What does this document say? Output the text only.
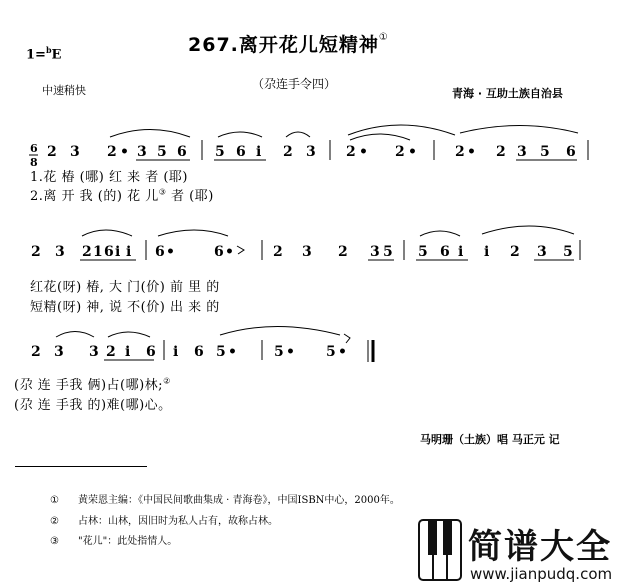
267.离开花儿短精神①
1=$^b$E
中速稍快	（尕连手令四）
青海 · 互助土族自治县
6
8
2 3 2 • 3 5 6 5 6 i 2 3 2 • 2 •	2 • 2 3 5 6
2 3 2 1 6 i i 6 •	6 •	2 3 2 3 5 5 6 i i 2 3 5
2 3 3 2 i 6 i 6 5 •	5 • 5 •
1.花 椿 (哪) 红 来 者 (耶)
2.离 开 我 (的) 花 儿③ 者 (耶)
红花(呀) 椿, 大 门(价) 前 里 的
短精(呀) 神, 说 不(价) 出 来 的
(尕 连 手我 俩)占(哪)林;②
(尕 连 手我 的)难(哪)心。
马明珊（土族）唱 马正元 记
① 黄荣恩主编：《中国民间歌曲集成 · 青海卷》，中国ISBN中心，2000年。
② 占林：山林，因旧时为私人占有，故称占林。
③ "花儿"：此处指情人。	简谱大全
www.jianpudq.com
